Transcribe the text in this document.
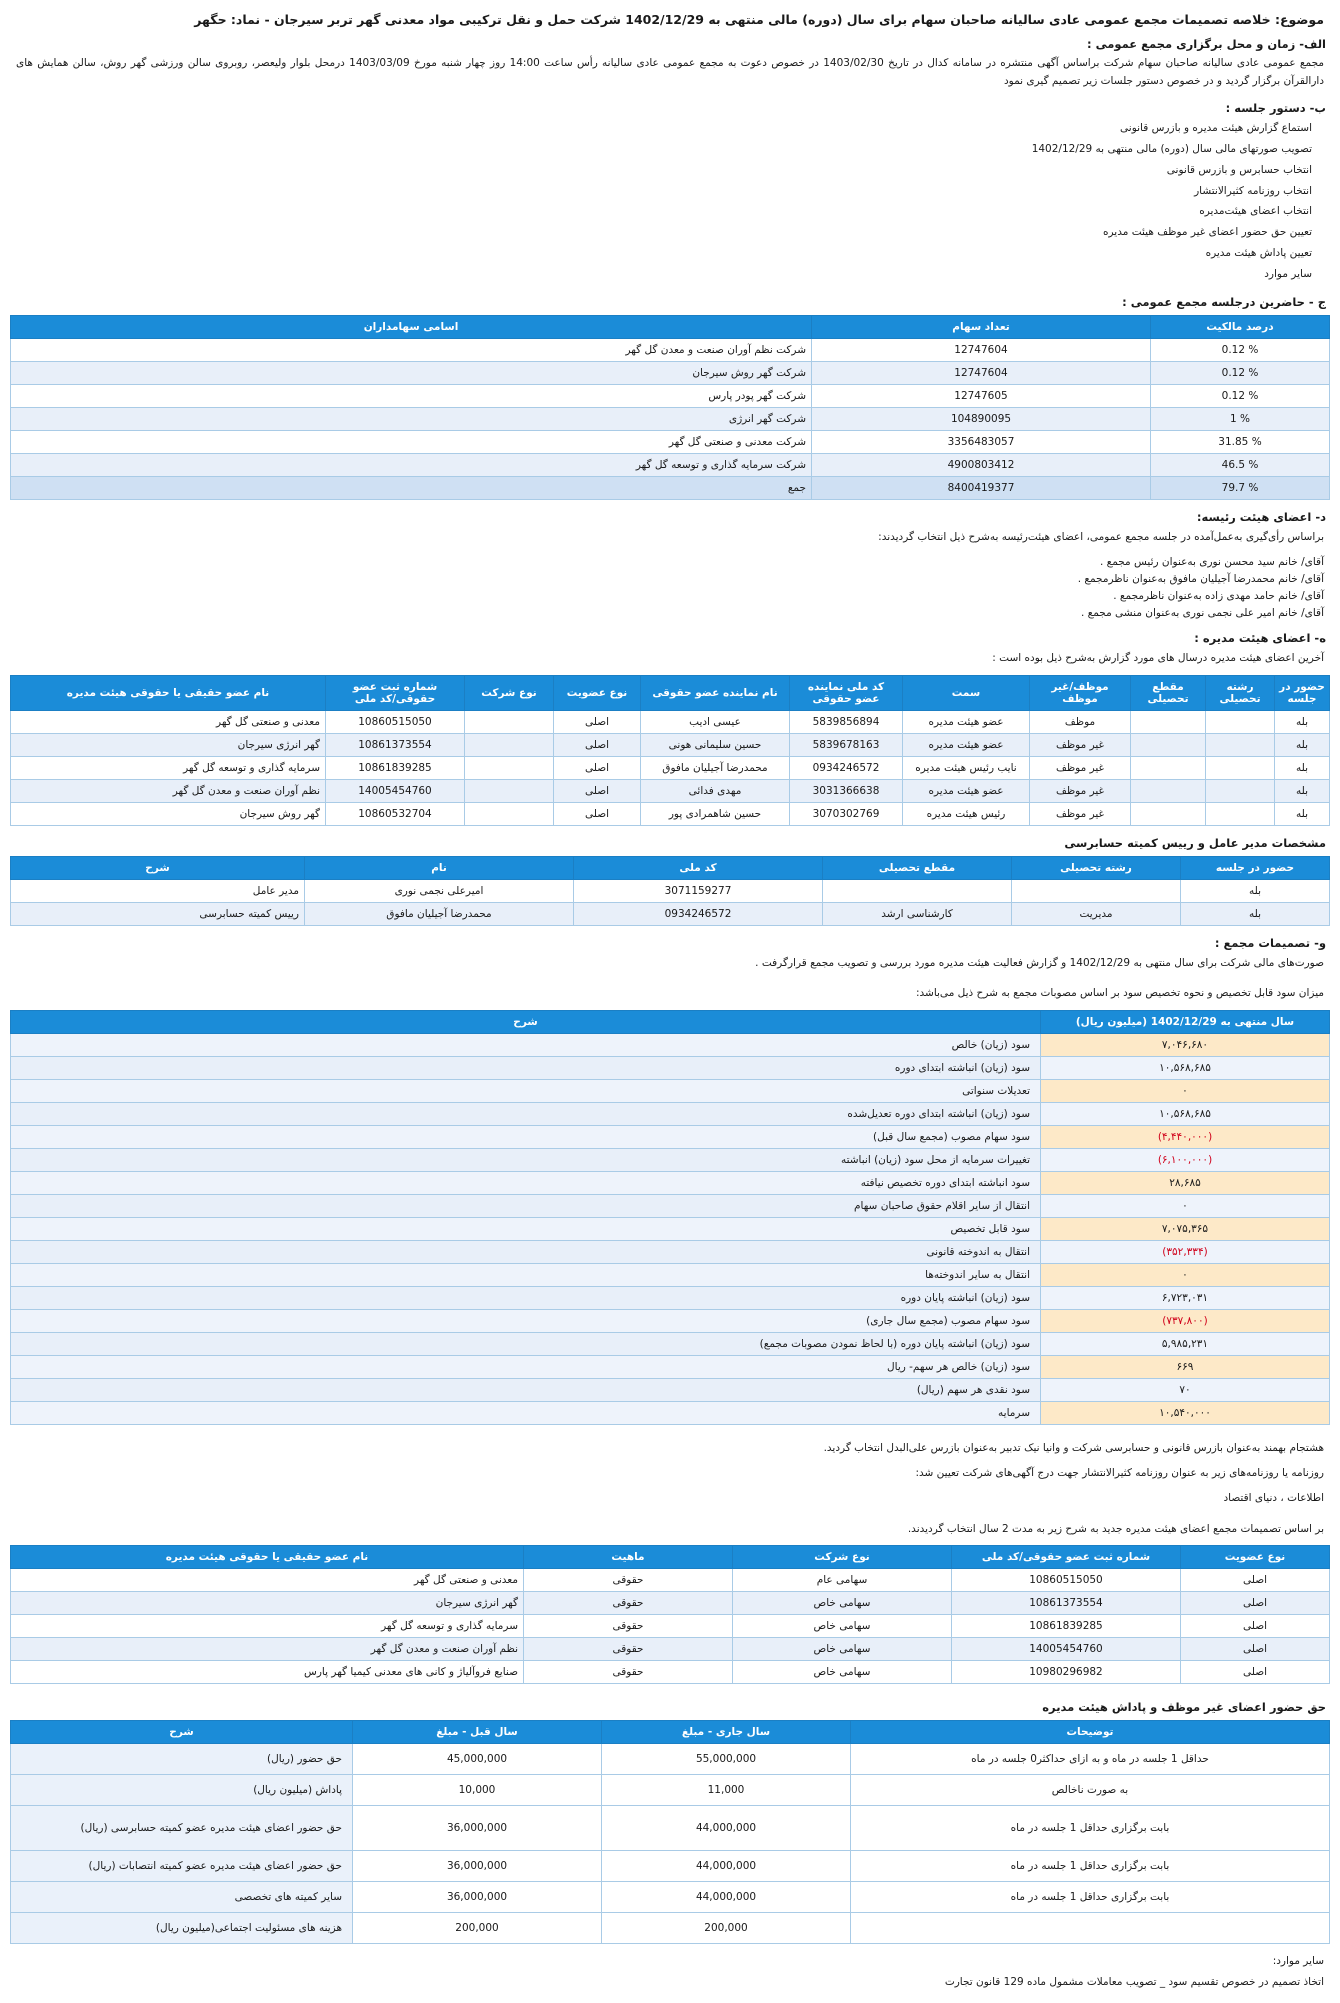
موضوع: خلاصه تصمیمات مجمع عمومی عادی سالیانه صاحبان سهام برای سال (دوره) مالی منتهی به 1402/12/29 شرکت حمل و نقل ترکیبی مواد معدنی گهر تربر سیرجان - نماد: حگهر
الف- زمان و محل برگزاری مجمع عمومی :
مجمع عمومی عادی سالیانه صاحبان سهام شرکت براساس آگهی منتشره در سامانه کدال در تاریخ 1403/02/30 در خصوص دعوت به مجمع عمومی عادی سالیانه رأس ساعت 14:00 روز چهار شنبه مورخ 1403/03/09 درمحل بلوار ولیعصر، روبروی سالن ورزشی گهر روش، سالن همایش های دارالقرآن برگزار گردید و در خصوص دستور جلسات زیر تصمیم گیری نمود
ب- دستور جلسه :
استماع گزارش هیئت مدیره و بازرس قانونی
تصویب صورتهای مالی سال (دوره) مالی منتهی به 1402/12/29
انتخاب حسابرس و بازرس قانونی
انتخاب روزنامه کثیرالانتشار
انتخاب اعضای هیئت‌مدیره
تعیین حق حضور اعضای غیر موظف هیئت مدیره
تعیین پاداش هیئت مدیره
سایر موارد
ج - حاضرین درجلسه مجمع عمومی :
درصد مالکیت	تعداد سهام	اسامی سهامداران
% 0.12	12747604	شرکت نظم آوران صنعت و معدن گل گهر
% 0.12	12747604	شرکت گهر روش سیرجان
% 0.12	12747605	شرکت گهر پودر پارس
% 1	104890095	شرکت گهر انرژی
% 31.85	3356483057	شرکت معدنی و صنعتی گل گهر
% 46.5	4900803412	شرکت سرمایه گذاری و توسعه گل گهر
% 79.7	8400419377	جمع
د- اعضای هیئت رئیسه:
براساس رأی‌گیری به‌عمل‌آمده در جلسه مجمع عمومی، اعضای هیئت‌رئیسه به‌شرح ذیل انتخاب گردیدند:
آقای/ خانم سید محسن نوری به‌عنوان رئیس مجمع .
آقای/ خانم محمدرضا آجیلیان مافوق به‌عنوان ناظرمجمع .
آقای/ خانم حامد مهدی زاده به‌عنوان ناظرمجمع .
آقای/ خانم امیر علی نجمی نوری به‌عنوان منشی مجمع .
ه- اعضای هیئت مدیره :
آخرین اعضای هیئت مدیره درسال های مورد گزارش به‌شرح ذیل بوده است :
حضور در جلسه	رشته تحصیلی	مقطع تحصیلی	موظف/غیر موظف	سمت	کد ملی نماینده عضو حقوقی	نام نماینده عضو حقوقی	نوع عضویت	نوع شرکت	شماره ثبت عضو حقوقی/کد ملی	نام عضو حقیقی یا حقوقی هیئت مدیره
بله			موظف	عضو هیئت مدیره	5839856894	عیسی ادیب	اصلی		10860515050	معدنی و صنعتی گل گهر
بله			غیر موظف	عضو هیئت مدیره	5839678163	حسین سلیمانی هونی	اصلی		10861373554	گهر انرژی سیرجان
بله			غیر موظف	نایب رئیس هیئت مدیره	0934246572	محمدرضا آجیلیان مافوق	اصلی		10861839285	سرمایه گذاری و توسعه گل گهر
بله			غیر موظف	عضو هیئت مدیره	3031366638	مهدی فدائی	اصلی		14005454760	نظم آوران صنعت و معدن گل گهر
بله			غیر موظف	رئیس هیئت مدیره	3070302769	حسین شاهمرادی پور	اصلی		10860532704	گهر روش سیرجان
مشخصات مدیر عامل و رییس کمیته حسابرسی
حضور در جلسه	رشته تحصیلی	مقطع تحصیلی	کد ملی	نام	شرح
بله			3071159277	امیرعلی نجمی نوری	مدیر عامل
بله	مدیریت	کارشناسی ارشد	0934246572	محمدرضا آجیلیان مافوق	رییس کمیته حسابرسی
و- تصمیمات مجمع :
صورت‌های مالی شرکت برای سال منتهی به 1402/12/29 و گزارش فعالیت هیئت مدیره مورد بررسی و تصویب مجمع قرارگرفت .
میزان سود قابل تخصیص و نحوه تخصیص سود بر اساس مصوبات مجمع به شرح ذیل می‌باشد:
سال منتهی به 1402/12/29 (میلیون ریال)	شرح
۷,۰۴۶,۶۸۰	سود (زیان) خالص
۱۰,۵۶۸,۶۸۵	سود (زیان) انباشته ابتدای دوره
۰	تعدیلات سنواتی
۱۰,۵۶۸,۶۸۵	سود (زیان) انباشته ابتدای دوره تعدیل‌شده
(۴,۴۴۰,۰۰۰)	سود سهام مصوب (مجمع سال قبل)
(۶,۱۰۰,۰۰۰)	تغییرات سرمایه از محل سود (زیان) انباشته
۲۸,۶۸۵	سود انباشته ابتدای دوره تخصیص نیافته
۰	انتقال از سایر اقلام حقوق صاحبان سهام
۷,۰۷۵,۳۶۵	سود قابل تخصیص
(۳۵۲,۳۳۴)	انتقال به اندوخته قانونی
۰	انتقال به سایر اندوخته‌ها
۶,۷۲۳,۰۳۱	سود (زیان) انباشته پایان دوره
(۷۳۷,۸۰۰)	سود سهام مصوب (مجمع سال جاری)
۵,۹۸۵,۲۳۱	سود (زیان) انباشته پایان دوره (با لحاظ نمودن مصوبات مجمع)
۶۶۹	سود (زیان) خالص هر سهم- ریال
۷۰	سود نقدی هر سهم (ریال)
۱۰,۵۴۰,۰۰۰	سرمایه
هشتجام بهمند به‌عنوان بازرس قانونی و حسابرسی شرکت و وانیا نیک تدبیر به‌عنوان بازرس علی‌البدل انتخاب گردید.
روزنامه یا روزنامه‌های زیر به عنوان روزنامه کثیرالانتشار جهت درج آگهی‌های شرکت تعیین شد:
اطلاعات ، دنیای اقتصاد
بر اساس تصمیمات مجمع اعضای هیئت مدیره جدید به شرح زیر به مدت 2 سال انتخاب گردیدند.
نوع عضویت	شماره ثبت عضو حقوقی/کد ملی	نوع شرکت	ماهیت	نام عضو حقیقی یا حقوقی هیئت مدیره
اصلی	10860515050	سهامی عام	حقوقی	معدنی و صنعتی گل گهر
اصلی	10861373554	سهامی خاص	حقوقی	گهر انرژی سیرجان
اصلی	10861839285	سهامی خاص	حقوقی	سرمایه گذاری و توسعه گل گهر
اصلی	14005454760	سهامی خاص	حقوقی	نظم آوران صنعت و معدن گل گهر
اصلی	10980296982	سهامی خاص	حقوقی	صنایع فروآلیاژ و کانی های معدنی کیمیا گهر پارس
حق حضور اعضای غیر موظف و پاداش هیئت مدیره
توضیحات	سال جاری - مبلغ	سال قبل - مبلغ	شرح
حداقل 1 جلسه در ماه و به ازای حداکثر0 جلسه در ماه	55,000,000	45,000,000	حق حضور (ریال)
به صورت ناخالص	11,000	10,000	پاداش (میلیون ریال)
بابت برگزاری حداقل 1 جلسه در ماه	44,000,000	36,000,000	حق حضور اعضای هیئت مدیره عضو کمیته حسابرسی (ریال)
بابت برگزاری حداقل 1 جلسه در ماه	44,000,000	36,000,000	حق حضور اعضای هیئت مدیره عضو کمیته انتصابات (ریال)
بابت برگزاری حداقل 1 جلسه در ماه	44,000,000	36,000,000	سایر کمیته های تخصصی
	200,000	200,000	هزینه های مسئولیت اجتماعی(میلیون ریال)
سایر موارد:
اتخاذ تصمیم در خصوص تقسیم سود _ تصویب معاملات مشمول ماده 129 قانون تجارت
